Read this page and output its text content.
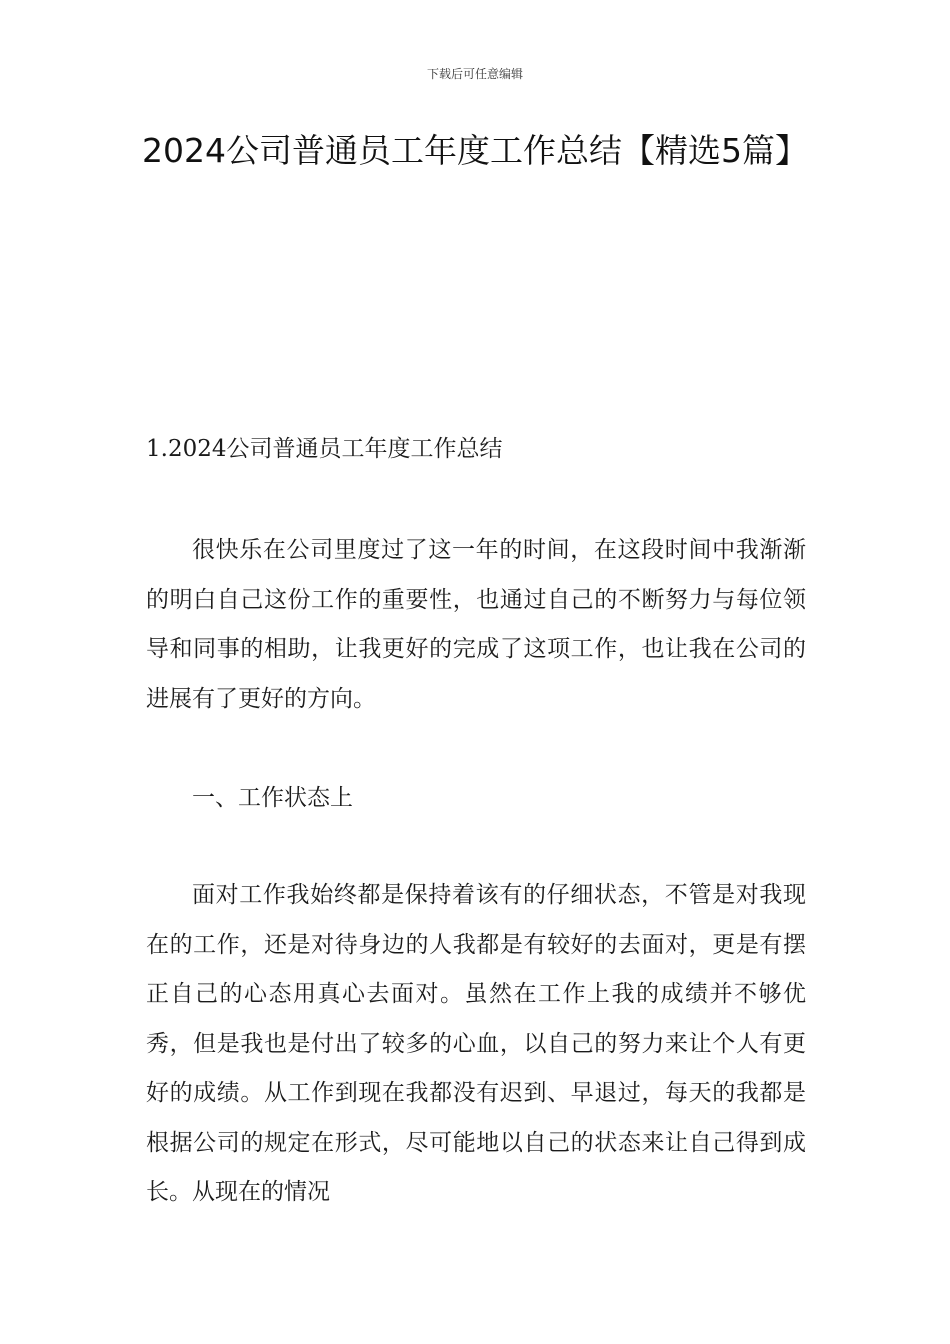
下载后可任意编辑
2024公司普通员工年度工作总结【精选5篇】
1.2024公司普通员工年度工作总结

很快乐在公司里度过了这一年的时间，在这段时间中我渐渐的明白自己这份工作的重要性，也通过自己的不断努力与每位领导和同事的相助，让我更好的完成了这项工作，也让我在公司的进展有了更好的方向。

一、工作状态上

面对工作我始终都是保持着该有的仔细状态，不管是对我现在的工作，还是对待身边的人我都是有较好的去面对，更是有摆正自己的心态用真心去面对。虽然在工作上我的成绩并不够优秀，但是我也是付出了较多的心血，以自己的努力来让个人有更好的成绩。从工作到现在我都没有迟到、早退过，每天的我都是根据公司的规定在形式，尽可能地以自己的状态来让自己得到成长。从现在的情况
